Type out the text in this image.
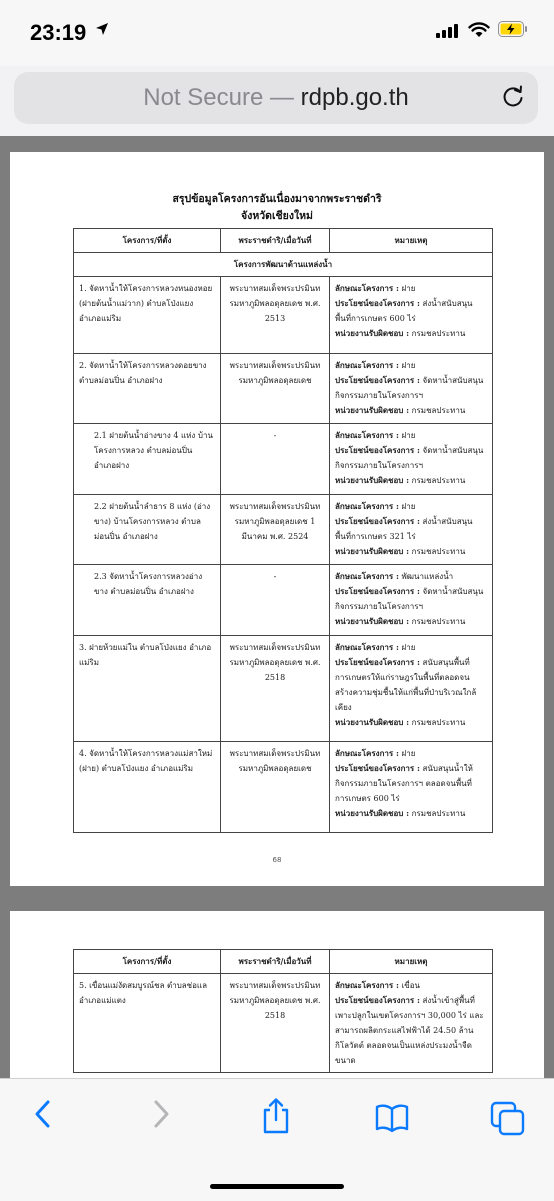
23:19
Not Secure — rdpb.go.th
สรุปข้อมูลโครงการอันเนื่องมาจากพระราชดำริ
จังหวัดเชียงใหม่
โครงการ/ที่ตั้ง	พระราชดำริ/เมื่อวันที่	หมายเหตุ
โครงการพัฒนาด้านแหล่งน้ำ		
1. จัดหาน้ำให้โครงการหลวงหนองหอย (ฝายต้นน้ำแม่วาก) ตำบลโป่งแยง อำเภอแม่ริม	พระบาทสมเด็จพระปรมินทรมหาภูมิพลอดุลยเดช พ.ศ. 2513	ลักษณะโครงการ : ฝาย
ประโยชน์ของโครงการ : ส่งน้ำสนับสนุนพื้นที่การเกษตร 600 ไร่
หน่วยงานรับผิดชอบ : กรมชลประทาน

2. จัดหาน้ำให้โครงการหลวงดอยขาง ตำบลม่อนปิ่น อำเภอฝาง	พระบาทสมเด็จพระปรมินทรมหาภูมิพลอดุลยเดช	ลักษณะโครงการ : ฝาย
ประโยชน์ของโครงการ : จัดหาน้ำสนับสนุนกิจกรรมภายในโครงการฯ
หน่วยงานรับผิดชอบ : กรมชลประทาน

2.1 ฝายต้นน้ำอ่างขาง 4 แห่ง บ้านโครงการหลวง ตำบลม่อนปิ่น อำเภอฝาง	-	ลักษณะโครงการ : ฝาย
ประโยชน์ของโครงการ : จัดหาน้ำสนับสนุนกิจกรรมภายในโครงการฯ
หน่วยงานรับผิดชอบ : กรมชลประทาน

2.2 ฝายต้นน้ำลำธาร 8 แห่ง (อ่างขาง) บ้านโครงการหลวง ตำบลม่อนปิ่น อำเภอฝาง	พระบาทสมเด็จพระปรมินทรมหาภูมิพลอดุลยเดช 1 มีนาคม พ.ศ. 2524	ลักษณะโครงการ : ฝาย
ประโยชน์ของโครงการ : ส่งน้ำสนับสนุนพื้นที่การเกษตร 321 ไร่
หน่วยงานรับผิดชอบ : กรมชลประทาน

2.3 จัดหาน้ำโครงการหลวงอ่างขาง ตำบลม่อนปิ่น อำเภอฝาง	-	ลักษณะโครงการ : พัฒนาแหล่งน้ำ
ประโยชน์ของโครงการ : จัดหาน้ำสนับสนุนกิจกรรมภายในโครงการฯ
หน่วยงานรับผิดชอบ : กรมชลประทาน

3. ฝายห้วยแม่ใน ตำบลโป่งแยง อำเภอแม่ริม	พระบาทสมเด็จพระปรมินทรมหาภูมิพลอดุลยเดช พ.ศ. 2518	ลักษณะโครงการ : ฝาย
ประโยชน์ของโครงการ : สนับสนุนพื้นที่การเกษตรให้แก่ราษฎรในพื้นที่ตลอดจนสร้างความชุ่มชื้นให้แก่พื้นที่ป่าบริเวณใกล้เคียง
หน่วยงานรับผิดชอบ : กรมชลประทาน

4. จัดหาน้ำให้โครงการหลวงแม่สาใหม่ (ฝาย) ตำบลโป่งแยง อำเภอแม่ริม	พระบาทสมเด็จพระปรมินทรมหาภูมิพลอดุลยเดช	ลักษณะโครงการ : ฝาย
ประโยชน์ของโครงการ : สนับสนุนน้ำให้กิจกรรมภายในโครงการฯ ตลอดจนพื้นที่การเกษตร 600 ไร่
หน่วยงานรับผิดชอบ : กรมชลประทาน
68
โครงการ/ที่ตั้ง	พระราชดำริ/เมื่อวันที่	หมายเหตุ
5. เขื่อนแม่งัดสมบูรณ์ชล ตำบลช่อแล อำเภอแม่แตง	พระบาทสมเด็จพระปรมินทรมหาภูมิพลอดุลยเดช พ.ศ. 2518	ลักษณะโครงการ : เขื่อน
ประโยชน์ของโครงการ : ส่งน้ำเข้าสู่พื้นที่เพาะปลูกในเขตโครงการฯ 30,000 ไร่ และสามารถผลิตกระแสไฟฟ้าได้ 24.50 ล้านกิโลวัตต์ ตลอดจนเป็นแหล่งประมงน้ำจืดขนาด
